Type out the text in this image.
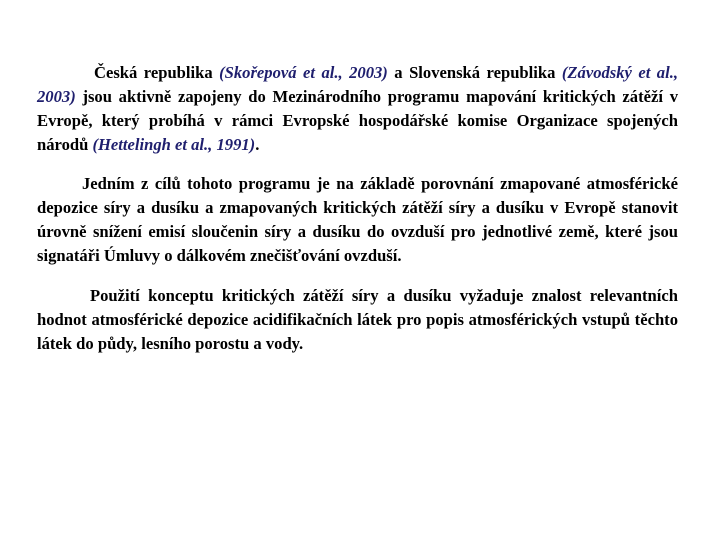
Česká republika (Skořepová et al., 2003) a Slovenská republika (Závodský et al., 2003) jsou aktivně zapojeny do Mezinárodního programu mapování kritických zátěží v Evropě, který probíhá v rámci Evropské hospodářské komise Organizace spojených národů (Hettelingh et al., 1991).

Jedním z cílů tohoto programu je na základě porovnání zmapované atmosférické depozice síry a dusíku a zmapovaných kritických zátěží síry a dusíku v Evropě stanovit úrovně snížení emisí sloučenin síry a dusíku do ovzduší pro jednotlivé země, které jsou signatáři Úmluvy o dálkovém znečišťování ovzduší.

Použití konceptu kritických zátěží síry a dusíku vyžaduje znalost relevantních hodnot atmosférické depozice acidifikačních látek pro popis atmosférických vstupů těchto látek do půdy, lesního porostu a vody.
